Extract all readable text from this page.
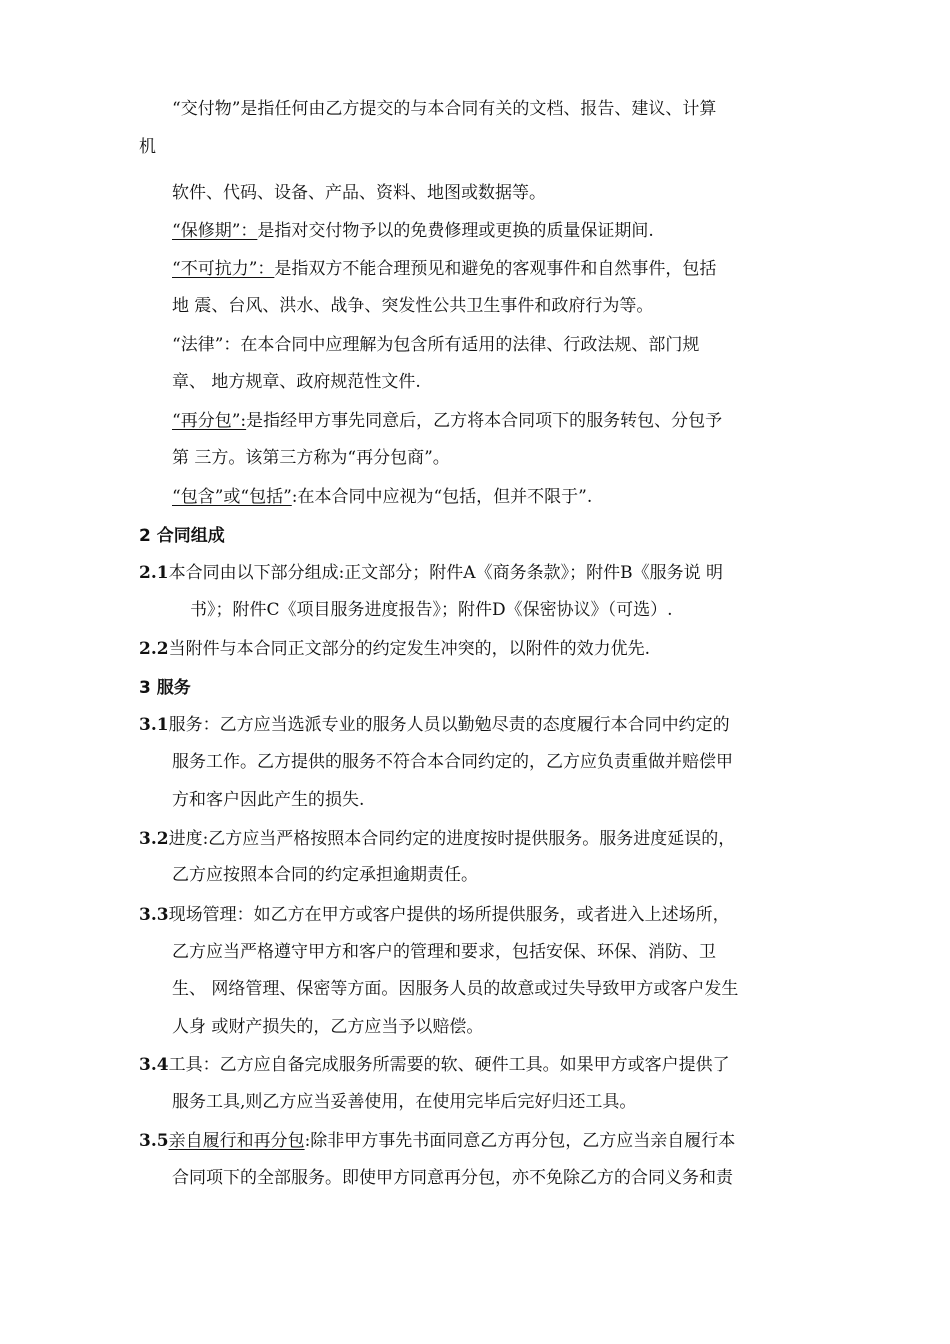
“交付物”是指任何由乙方提交的与本合同有关的文档、报告、建议、计算
机
软件、代码、设备、产品、资料、地图或数据等。
“保修期”：是指对交付物予以的免费修理或更换的质量保证期间.
“不可抗力”：是指双方不能合理预见和避免的客观事件和自然事件，包括
地 震、台风、洪水、战争、突发性公共卫生事件和政府行为等。
“法律”：在本合同中应理解为包含所有适用的法律、行政法规、部门规
章、 地方规章、政府规范性文件.
“再分包”:是指经甲方事先同意后，乙方将本合同项下的服务转包、分包予
第 三方。该第三方称为“再分包商”。
“包含”或“包括”:在本合同中应视为“包括，但并不限于”.
2 合同组成
2.1本合同由以下部分组成:正文部分；附件A《商务条款》；附件B《服务说 明
书》；附件C《项目服务进度报告》；附件D《保密协议》（可选）.
2.2当附件与本合同正文部分的约定发生冲突的，以附件的效力优先.
3 服务
3.1服务：乙方应当选派专业的服务人员以勤勉尽责的态度履行本合同中约定的
服务工作。乙方提供的服务不符合本合同约定的，乙方应负责重做并赔偿甲
方和客户因此产生的损失.
3.2进度:乙方应当严格按照本合同约定的进度按时提供服务。服务进度延误的，
乙方应按照本合同的约定承担逾期责任。
3.3现场管理：如乙方在甲方或客户提供的场所提供服务，或者进入上述场所，
乙方应当严格遵守甲方和客户的管理和要求，包括安保、环保、消防、卫
生、 网络管理、保密等方面。因服务人员的故意或过失导致甲方或客户发生
人身 或财产损失的，乙方应当予以赔偿。
3.4工具：乙方应自备完成服务所需要的软、硬件工具。如果甲方或客户提供了
服务工具,则乙方应当妥善使用，在使用完毕后完好归还工具。
3.5亲自履行和再分包:除非甲方事先书面同意乙方再分包，乙方应当亲自履行本
合同项下的全部服务。即使甲方同意再分包，亦不免除乙方的合同义务和责
